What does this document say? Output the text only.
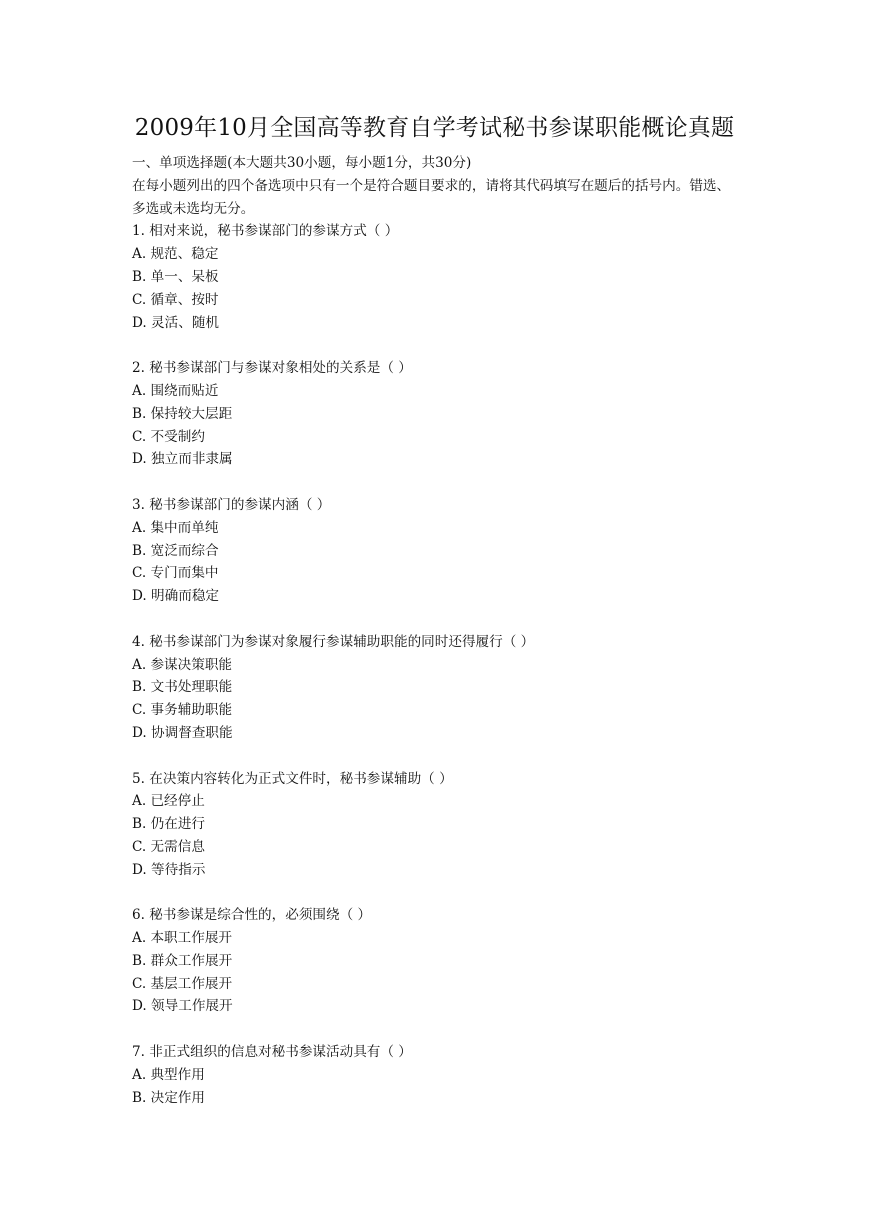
2009年10月全国高等教育自学考试秘书参谋职能概论真题
一、单项选择题(本大题共30小题，每小题1分，共30分)
在每小题列出的四个备选项中只有一个是符合题目要求的，请将其代码填写在题后的括号内。错选、多选或未选均无分。
1. 相对来说，秘书参谋部门的参谋方式（ ）
A. 规范、稳定
B. 单一、呆板
C. 循章、按时
D. 灵活、随机
2. 秘书参谋部门与参谋对象相处的关系是（ ）
A. 围绕而贴近
B. 保持较大层距
C. 不受制约
D. 独立而非隶属
3. 秘书参谋部门的参谋内涵（ ）
A. 集中而单纯
B. 宽泛而综合
C. 专门而集中
D. 明确而稳定
4. 秘书参谋部门为参谋对象履行参谋辅助职能的同时还得履行（ ）
A. 参谋决策职能
B. 文书处理职能
C. 事务辅助职能
D. 协调督查职能
5. 在决策内容转化为正式文件时，秘书参谋辅助（ ）
A. 已经停止
B. 仍在进行
C. 无需信息
D. 等待指示
6. 秘书参谋是综合性的，必须围绕（ ）
A. 本职工作展开
B. 群众工作展开
C. 基层工作展开
D. 领导工作展开
7. 非正式组织的信息对秘书参谋活动具有（ ）
A. 典型作用
B. 决定作用
